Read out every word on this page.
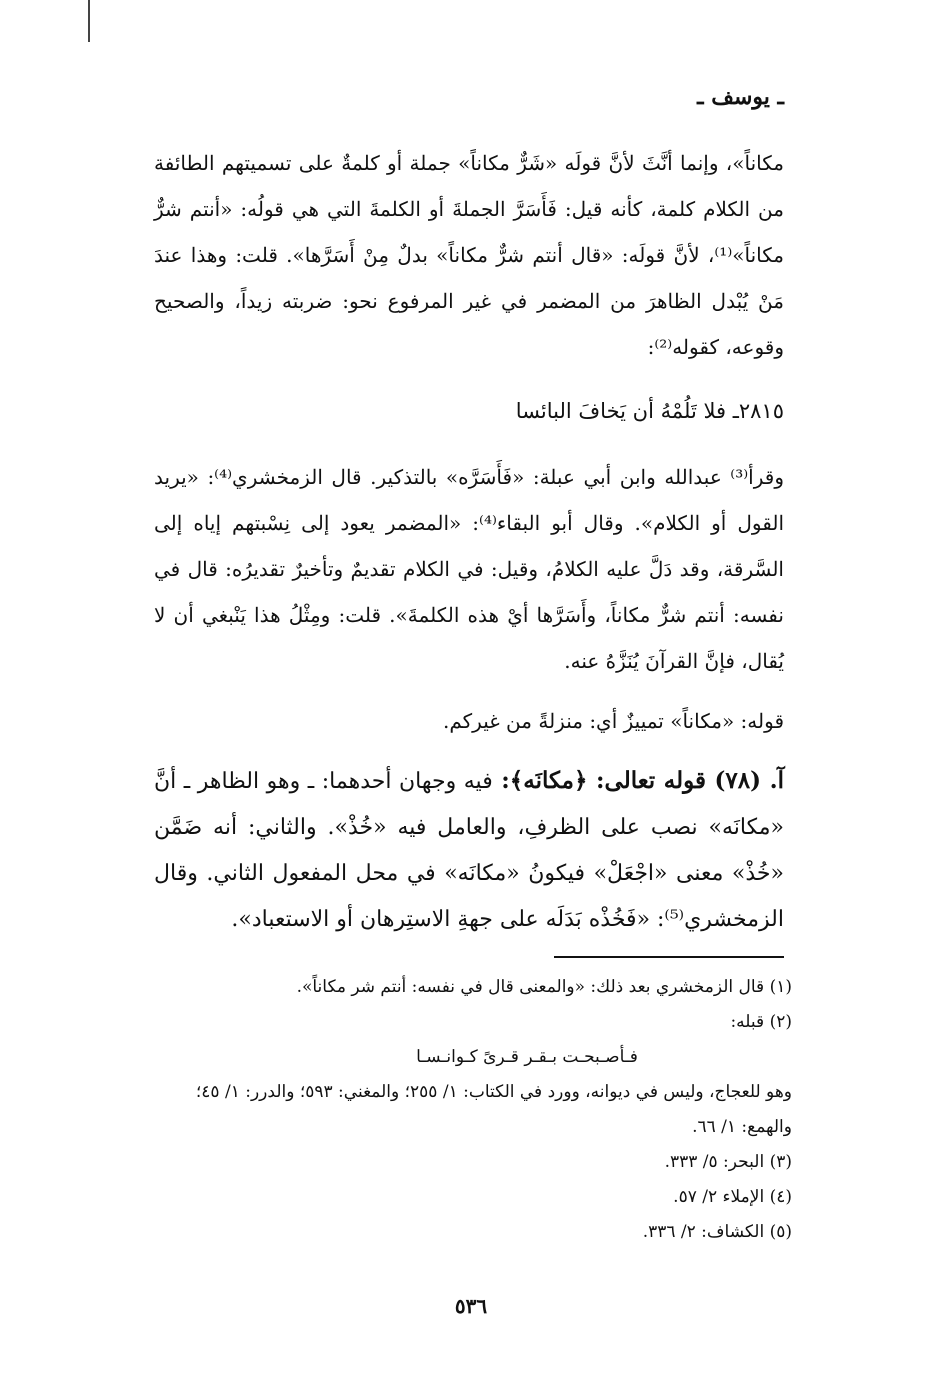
ـ يوسف ـ

مكاناً»، وإنما أنَّثَ لأنَّ قولَه «شَرٌّ مكاناً» جملة أو كلمةٌ على تسميتهم الطائفة من الكلام كلمة، كأنه قيل: فَأَسَرَّ الجملةَ أو الكلمةَ التي هي قولُه: «أنتم شرٌّ مكاناً»⁽¹⁾، لأنَّ قولَه: «قال أنتم شرٌّ مكاناً» بدلٌ مِنْ أَسَرَّها». قلت: وهذا عندَ مَنْ يُبْدل الظاهرَ من المضمر في غير المرفوع نحو: ضربته زيداً، والصحيح وقوعه، كقوله⁽²⁾:

٢٨١٥ـ فلا تَلُمْهُ أن يَخافَ البائسا

وقرأ⁽³⁾ عبدالله وابن أبي عبلة: «فَأَسَرَّه» بالتذكير. قال الزمخشري⁽⁴⁾: «يريد القول أو الكلام». وقال أبو البقاء⁽⁴⁾: «المضمر يعود إلى نِسْبتهم إياه إلى السَّرقة، وقد دَلَّ عليه الكلامُ، وقيل: في الكلام تقديمٌ وتأخيرٌ تقديرُه: قال في نفسه: أنتم شرٌّ مكاناً، وأَسَرَّها أيْ هذه الكلمةَ». قلت: ومِثْلُ هذا يَنْبغي أن لا يُقال، فإنَّ القرآنَ يُنَزَّهُ عنه.

قوله: «مكاناً» تمييزٌ أي: منزلةً من غيركم.

آ. (٧٨) قوله تعالى: ﴿مكانَه﴾: فيه وجهان أحدهما: ـ وهو الظاهر ـ أنَّ «مكانَه» نصب على الظرفِ، والعامل فيه «خُذْ». والثاني: أنه ضَمَّن «خُذْ» معنى «اجْعَلْ» فيكونُ «مكانَه» في محل المفعول الثاني. وقال الزمخشري⁽⁵⁾: «فَخُذْه بَدَلَه على جهةِ الاستِرهان أو الاستعباد».

(١) قال الزمخشري بعد ذلك: «والمعنى قال في نفسه: أنتم شر مكاناً».

(٢) قبله:

فـأصـبحـت بـقـر قـرىً كـوانـسـا

وهو للعجاج، وليس في ديوانه، وورد في الكتاب: ١/ ٢٥٥؛ والمغني: ٥٩٣؛ والدرر: ١/ ٤٥؛ والهمع: ١/ ٦٦.

(٣) البحر: ٥/ ٣٣٣.

(٤) الإملاء ٢/ ٥٧.

(٥) الكشاف: ٢/ ٣٣٦.

٥٣٦
